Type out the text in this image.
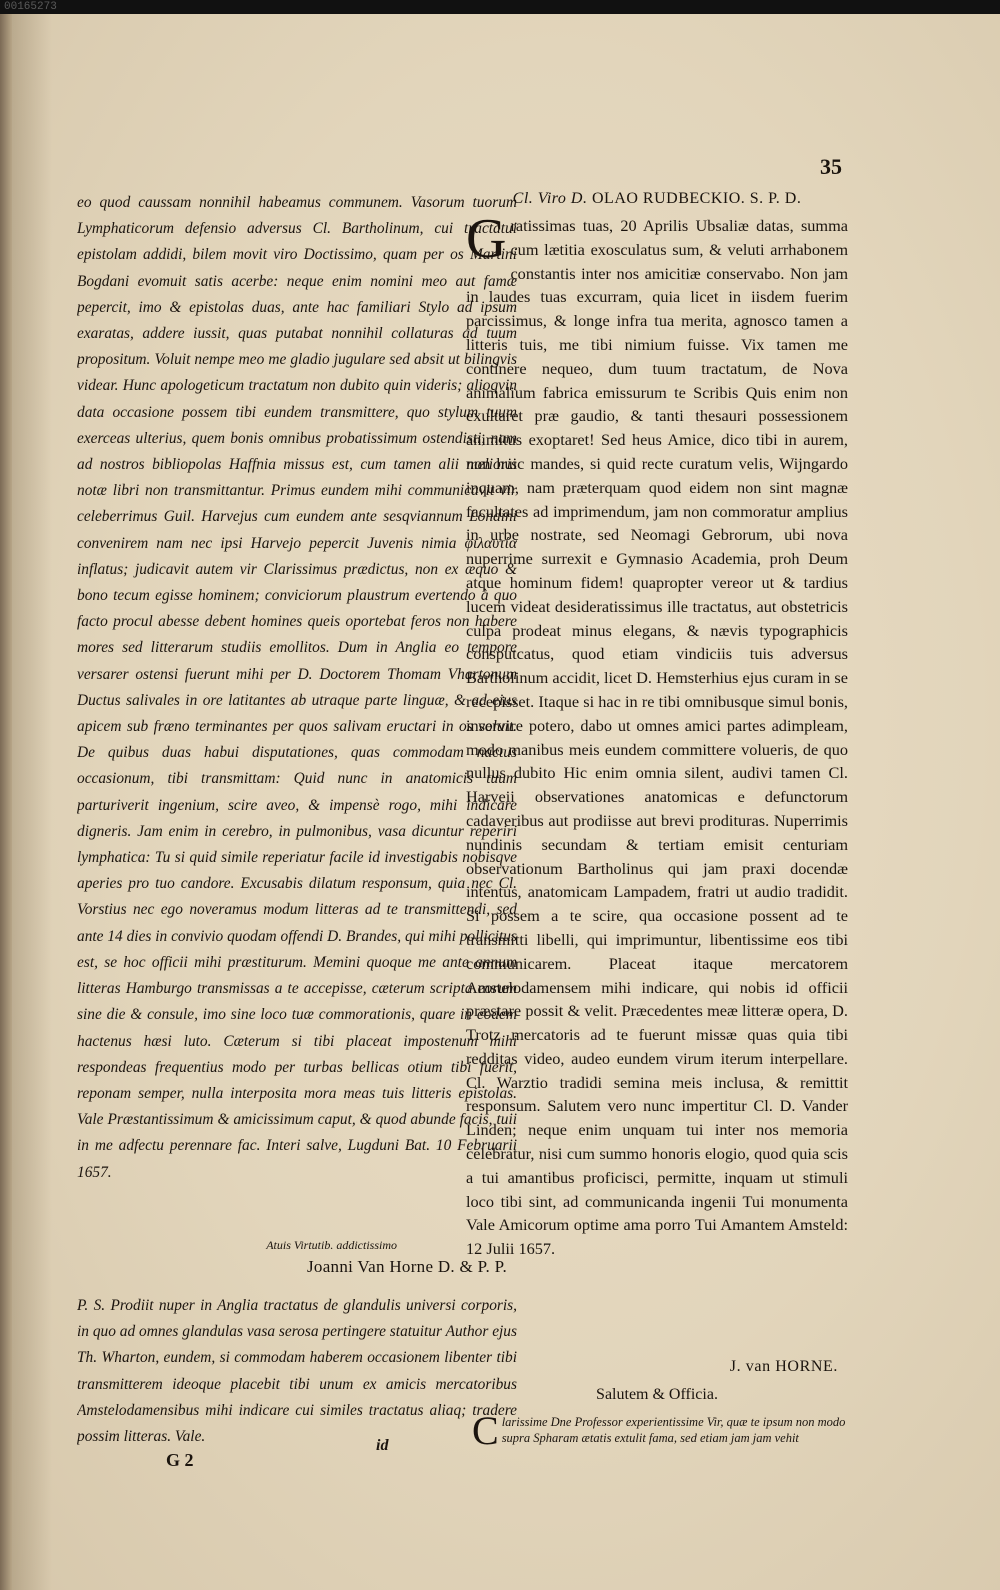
00165273
35

eo quod caussam nonnihil habeamus communem. Vasorum tuorum Lymphaticorum defensio adversus Cl. Bartholinum, cui tractatui epistolam addidi, bilem movit viro Doctissimo, quam per os Martini Bogdani evomuit satis acerbe: neque enim nomini meo aut famæ pepercit, imo & epistolas duas, ante hac familiari Stylo ad ipsum exaratas, addere iussit, quas putabat nonnihil collaturas ad tuum propositum. Voluit nempe meo me gladio jugulare sed absit ut bilingvis videar. Hunc apologeticum tractatum non dubito quin videris; alioqvin data occasione possem tibi eundem transmittere, quo stylum tuum exerceas ulterius, quem bonis omnibus probatissimum ostendisti, nam ad nostros bibliopolas Haffnia missus est, cum tamen alii melioris notæ libri non transmittantur. Primus eundem mihi communicavit vir celeberrimus Guil. Harvejus cum eundem ante sesqviannum Londini convenirem nam nec ipsi Harvejo pepercit Juvenis nimia φιλαυτία inflatus; judicavit autem vir Clarissimus prædictus, non ex æquo & bono tecum egisse hominem; conviciorum plaustrum evertendo à quo facto procul abesse debent homines queis oportebat feros non habere mores sed litterarum studiis emollitos. Dum in Anglia eo tempore versarer ostensi fuerunt mihi per D. Doctorem Thomam Vhartonum Ductus salivales in ore latitantes ab utraque parte linguæ, & ad eius apicem sub fræno terminantes per quos salivam eructari in os voluit. De quibus duas habui disputationes, quas commodam nactus occasionum, tibi transmittam: Quid nunc in anatomicis tuum parturiverit ingenium, scire aveo, & impensè rogo, mihi indicare digneris. Jam enim in cerebro, in pulmonibus, vasa dicuntur reperiri lymphatica: Tu si quid simile reperiatur facile id investigabis nobisqve aperies pro tuo candore. Excusabis dilatum responsum, quia nec Cl. Vorstius nec ego noveramus modum litteras ad te transmittendi, sed ante 14 dies in convivio quodam offendi D. Brandes, qui mihi pollicitus est, se hoc officii mihi præstiturum. Memini quoque me ante annum litteras Hamburgo transmissas a te accepisse, cæterum scripta eorum sine die & consule, imo sine loco tuæ commorationis, quare in eodem hactenus hæsi luto. Cæterum si tibi placeat impostenum mihi respondeas frequentius modo per turbas bellicas otium tibi fuerit, reponam semper, nulla interposita mora meas tuis litteris epistolas. Vale Præstantissimum & amicissimum caput, & quod abunde facis, tuii in me adfectu perennare fac. Interi salve, Lugduni Bat. 10 Februarii 1657.

Atuis Virtutib. addictissimo

Joanni Van Horne D. & P. P.

P. S. Prodiit nuper in Anglia tractatus de glandulis universi corporis, in quo ad omnes glandulas vasa serosa pertingere statuitur Author ejus Th. Wharton, eundem, si commodam haberem occasionem libenter tibi transmitterem ideoque placebit tibi unum ex amicis mercatoribus Amstelodamensibus mihi indicare cui similes tractatus aliaq; tradere possim litteras. Vale.

Cl. Viro D. OLAO RUDBECKIO. S. P. D.

Gratissimas tuas, 20 Aprilis Ubsaliæ datas, summa cum lætitia exosculatus sum, & veluti arrhabonem constantis inter nos amicitiæ conservabo. Non jam in laudes tuas excurram, quia licet in iisdem fuerim parcissimus, & longe infra tua merita, agnosco tamen a litteris tuis, me tibi nimium fuisse. Vix tamen me continere nequeo, dum tuum tractatum, de Nova animalium fabrica emissurum te Scribis Quis enim non exultaret præ gaudio, & tanti thesauri possessionem animitus exoptaret! Sed heus Amice, dico tibi in aurem, non huic mandes, si quid recte curatum velis, Wijngardo inquam, nam præterquam quod eidem non sint magnæ facultates ad imprimendum, jam non commoratur amplius in urbe nostrate, sed Neomagi Gebrorum, ubi nova nuperrime surrexit e Gymnasio Academia, proh Deum atque hominum fidem! quapropter vereor ut & tardius lucem videat desideratissimus ille tractatus, aut obstetricis culpa prodeat minus elegans, & nævis typographicis consputcatus, quod etiam vindiciis tuis adversus Bartholinum accidit, licet D. Hemsterhius ejus curam in se recepisset. Itaque si hac in re tibi omnibusque simul bonis, inservire potero, dabo ut omnes amici partes adimpleam, modo manibus meis eundem committere volueris, de quo nullus dubito Hic enim omnia silent, audivi tamen Cl. Harveii observationes anatomicas e defunctorum cadaveribus aut prodiisse aut brevi prodituras. Nuperrimis nundinis secundam & tertiam emisit centuriam observationum Bartholinus qui jam praxi docendæ intentus, anatomicam Lampadem, fratri ut audio tradidit. Si possem a te scire, qua occasione possent ad te transmitti libelli, qui imprimuntur, libentissime eos tibi communicarem. Placeat itaque mercatorem Amstelodamensem mihi indicare, qui nobis id officii præstare possit & velit. Præcedentes meæ litteræ opera, D. Trotz mercatoris ad te fuerunt missæ quas quia tibi redditas video, audeo eundem virum iterum interpellare. Cl. Warztio tradidi semina meis inclusa, & remittit responsum. Salutem vero nunc impertitur Cl. D. Vander Linden; neque enim unquam tui inter nos memoria celebratur, nisi cum summo honoris elogio, quod quia scis a tui amantibus proficisci, permitte, inquam ut stimuli loco tibi sint, ad communicanda ingenii Tui monumenta Vale Amicorum optime ama porro Tui Amantem Amsteld: 12 Julii 1657.

J. van HORNE.

Salutem & Officia.

Clarissime Dne Professor experientissime Vir, quæ te ipsum non modo supra Spharam ætatis extulit fama, sed etiam jam jam vehit

id
G 2
